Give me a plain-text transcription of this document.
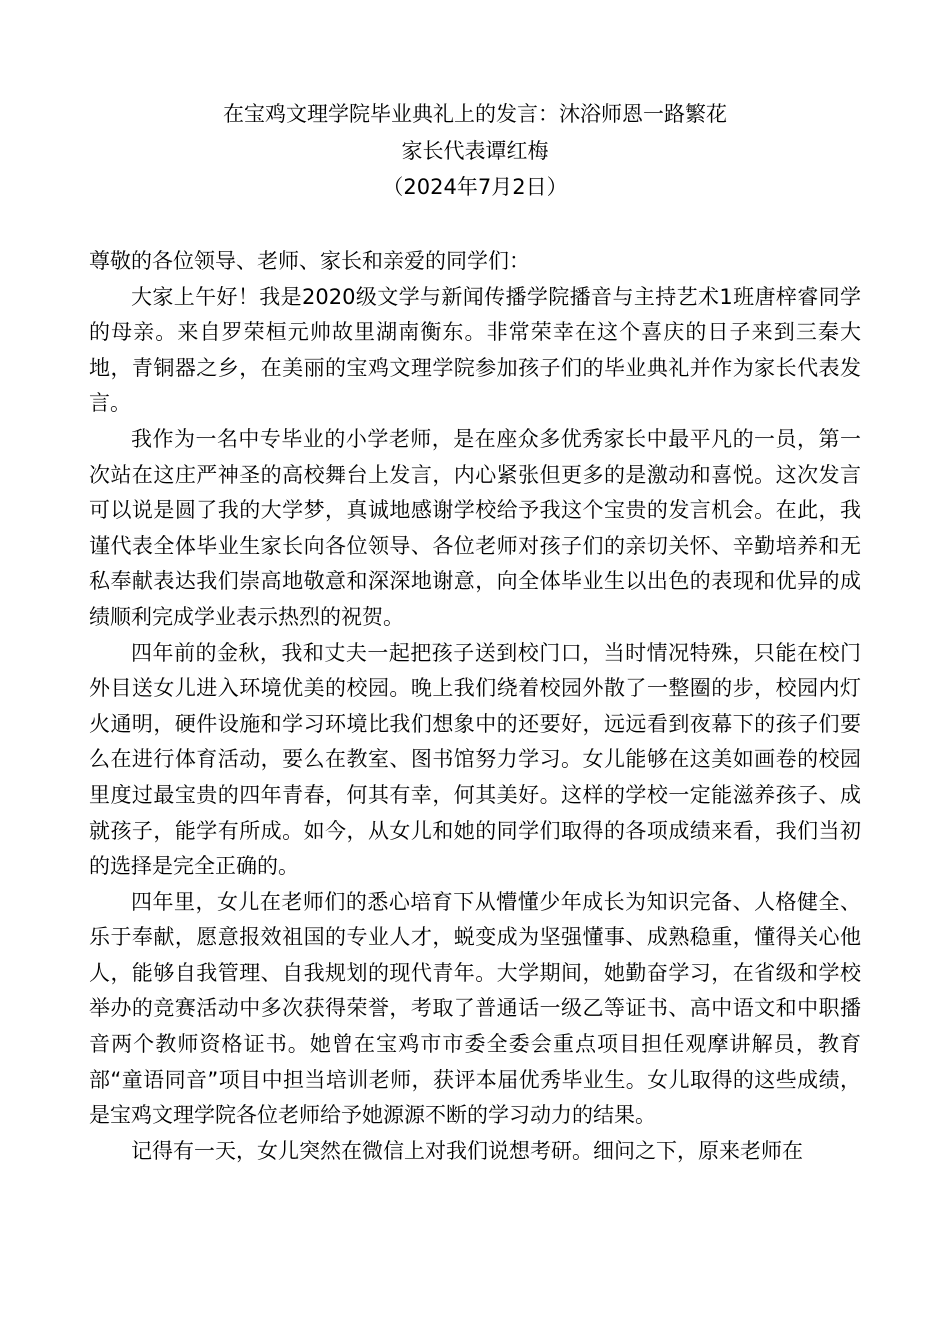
在宝鸡文理学院毕业典礼上的发言：沐浴师恩一路繁花
家长代表谭红梅
（2024年7月2日）

尊敬的各位领导、老师、家长和亲爱的同学们：

大家上午好！我是2020级文学与新闻传播学院播音与主持艺术1班唐梓睿同学的母亲。来自罗荣桓元帅故里湖南衡东。非常荣幸在这个喜庆的日子来到三秦大地，青铜器之乡，在美丽的宝鸡文理学院参加孩子们的毕业典礼并作为家长代表发言。

我作为一名中专毕业的小学老师，是在座众多优秀家长中最平凡的一员，第一次站在这庄严神圣的高校舞台上发言，内心紧张但更多的是激动和喜悦。这次发言可以说是圆了我的大学梦，真诚地感谢学校给予我这个宝贵的发言机会。在此，我谨代表全体毕业生家长向各位领导、各位老师对孩子们的亲切关怀、辛勤培养和无私奉献表达我们崇高地敬意和深深地谢意，向全体毕业生以出色的表现和优异的成绩顺利完成学业表示热烈的祝贺。

四年前的金秋，我和丈夫一起把孩子送到校门口，当时情况特殊，只能在校门外目送女儿进入环境优美的校园。晚上我们绕着校园外散了一整圈的步，校园内灯火通明，硬件设施和学习环境比我们想象中的还要好，远远看到夜幕下的孩子们要么在进行体育活动，要么在教室、图书馆努力学习。女儿能够在这美如画卷的校园里度过最宝贵的四年青春，何其有幸，何其美好。这样的学校一定能滋养孩子、成就孩子，能学有所成。如今，从女儿和她的同学们取得的各项成绩来看，我们当初的选择是完全正确的。

四年里，女儿在老师们的悉心培育下从懵懂少年成长为知识完备、人格健全、乐于奉献，愿意报效祖国的专业人才，蜕变成为坚强懂事、成熟稳重，懂得关心他人，能够自我管理、自我规划的现代青年。大学期间，她勤奋学习，在省级和学校举办的竞赛活动中多次获得荣誉，考取了普通话一级乙等证书、高中语文和中职播音两个教师资格证书。她曾在宝鸡市市委全委会重点项目担任观摩讲解员，教育部“童语同音”项目中担当培训老师，获评本届优秀毕业生。女儿取得的这些成绩，是宝鸡文理学院各位老师给予她源源不断的学习动力的结果。

记得有一天，女儿突然在微信上对我们说想考研。细问之下，原来老师在
